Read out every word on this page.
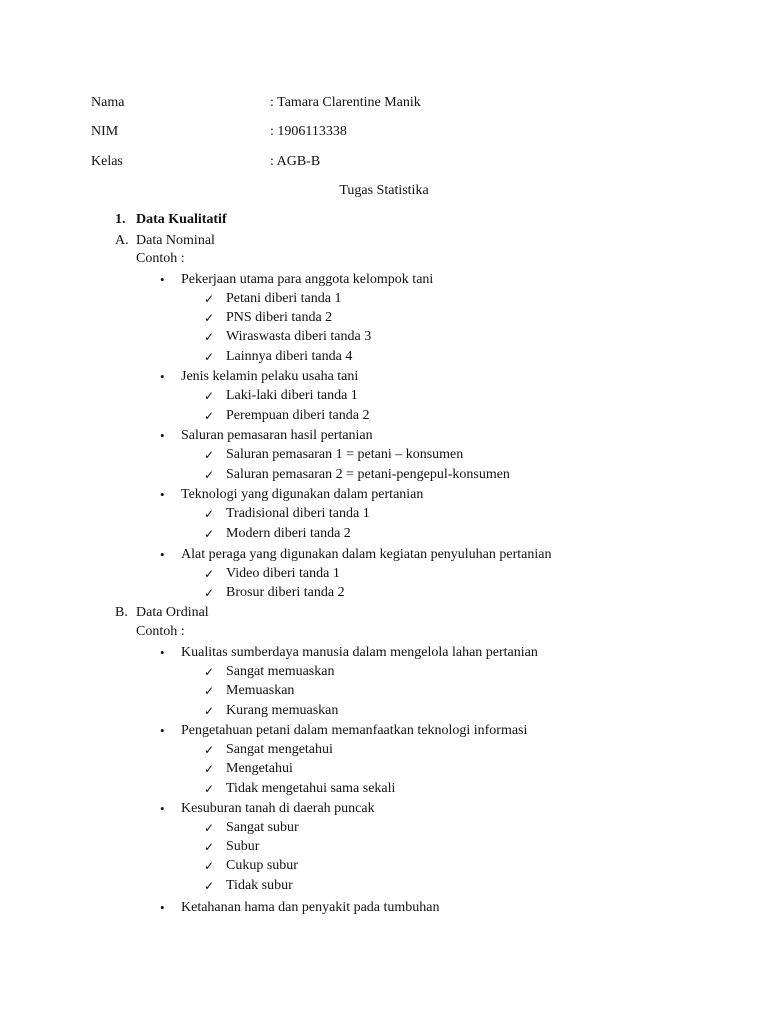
Nama	: Tamara Clarentine Manik
NIM	: 1906113338
Kelas	: AGB-B
Tugas Statistika
1. Data Kualitatif
A. Data Nominal
Contoh :
• Pekerjaan utama para anggota kelompok tani
✓ Petani diberi tanda 1
✓ PNS diberi tanda 2
✓ Wiraswasta diberi tanda 3
✓ Lainnya diberi tanda 4
• Jenis kelamin pelaku usaha tani
✓ Laki-laki diberi tanda 1
✓ Perempuan diberi tanda 2
• Saluran pemasaran hasil pertanian
✓ Saluran pemasaran 1 = petani – konsumen
✓ Saluran pemasaran 2 = petani-pengepul-konsumen
• Teknologi yang digunakan dalam pertanian
✓ Tradisional diberi tanda 1
✓ Modern diberi tanda 2
• Alat peraga yang digunakan dalam kegiatan penyuluhan pertanian
✓ Video diberi tanda 1
✓ Brosur diberi tanda 2
B. Data Ordinal
Contoh :
• Kualitas sumberdaya manusia dalam mengelola lahan pertanian
✓ Sangat memuaskan
✓ Memuaskan
✓ Kurang memuaskan
• Pengetahuan petani dalam memanfaatkan teknologi informasi
✓ Sangat mengetahui
✓ Mengetahui
✓ Tidak mengetahui sama sekali
• Kesuburan tanah di daerah puncak
✓ Sangat subur
✓ Subur
✓ Cukup subur
✓ Tidak subur
• Ketahanan hama dan penyakit pada tumbuhan
